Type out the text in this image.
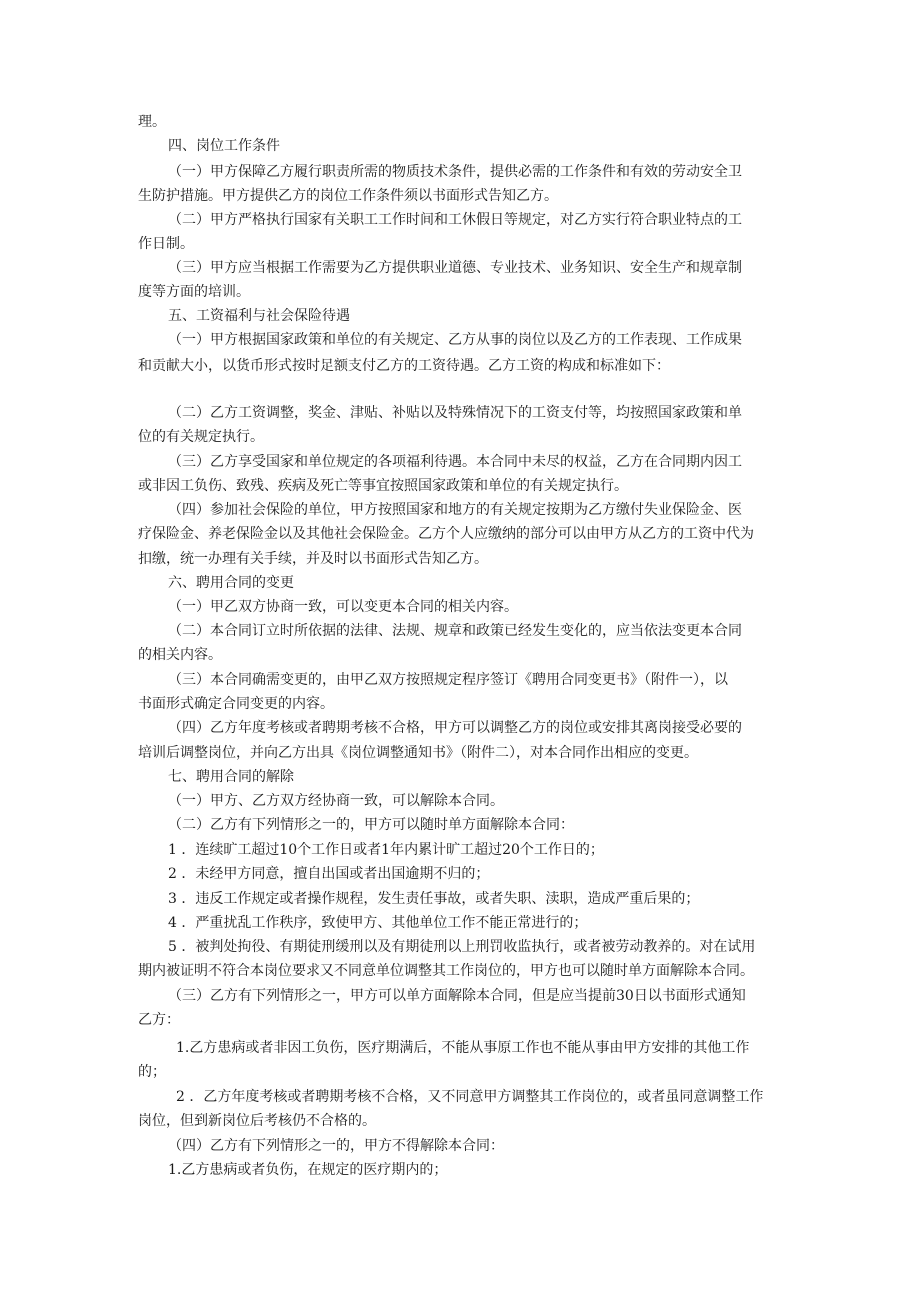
理。
四、岗位工作条件
（一）甲方保障乙方履行职责所需的物质技术条件，提供必需的工作条件和有效的劳动安全卫
生防护措施。甲方提供乙方的岗位工作条件须以书面形式告知乙方。
（二）甲方严格执行国家有关职工工作时间和工休假日等规定，对乙方实行符合职业特点的工
作日制。
（三）甲方应当根据工作需要为乙方提供职业道德、专业技术、业务知识、安全生产和规章制
度等方面的培训。
五、工资福利与社会保险待遇
（一）甲方根据国家政策和单位的有关规定、乙方从事的岗位以及乙方的工作表现、工作成果
和贡献大小，以货币形式按时足额支付乙方的工资待遇。乙方工资的构成和标准如下：
（二）乙方工资调整，奖金、津贴、补贴以及特殊情况下的工资支付等，均按照国家政策和单
位的有关规定执行。
（三）乙方享受国家和单位规定的各项福利待遇。本合同中未尽的权益，乙方在合同期内因工
或非因工负伤、致残、疾病及死亡等事宜按照国家政策和单位的有关规定执行。
（四）参加社会保险的单位，甲方按照国家和地方的有关规定按期为乙方缴付失业保险金、医
疗保险金、养老保险金以及其他社会保险金。乙方个人应缴纳的部分可以由甲方从乙方的工资中代为
扣缴，统一办理有关手续，并及时以书面形式告知乙方。
六、聘用合同的变更
（一）甲乙双方协商一致，可以变更本合同的相关内容。
（二）本合同订立时所依据的法律、法规、规章和政策已经发生变化的，应当依法变更本合同
的相关内容。
（三）本合同确需变更的，由甲乙双方按照规定程序签订《聘用合同变更书》（附件一），以
书面形式确定合同变更的内容。
（四）乙方年度考核或者聘期考核不合格，甲方可以调整乙方的岗位或安排其离岗接受必要的
培训后调整岗位，并向乙方出具《岗位调整通知书》（附件二），对本合同作出相应的变更。
七、聘用合同的解除
（一）甲方、乙方双方经协商一致，可以解除本合同。
（二）乙方有下列情形之一的，甲方可以随时单方面解除本合同：
1 ．连续旷工超过10个工作日或者1年内累计旷工超过20个工作日的；
2 ．未经甲方同意，擅自出国或者出国逾期不归的；
3 ．违反工作规定或者操作规程，发生责任事故，或者失职、渎职，造成严重后果的；
4 ．严重扰乱工作秩序，致使甲方、其他单位工作不能正常进行的；
5 ．被判处拘役、有期徒刑缓刑以及有期徒刑以上刑罚收监执行，或者被劳动教养的。对在试用
期内被证明不符合本岗位要求又不同意单位调整其工作岗位的，甲方也可以随时单方面解除本合同。
（三）乙方有下列情形之一，甲方可以单方面解除本合同，但是应当提前30日以书面形式通知
乙方：
1.乙方患病或者非因工负伤，医疗期满后，不能从事原工作也不能从事由甲方安排的其他工作
的；
2 ．乙方年度考核或者聘期考核不合格，又不同意甲方调整其工作岗位的，或者虽同意调整工作
岗位，但到新岗位后考核仍不合格的。
（四）乙方有下列情形之一的，甲方不得解除本合同：
1.乙方患病或者负伤，在规定的医疗期内的；
